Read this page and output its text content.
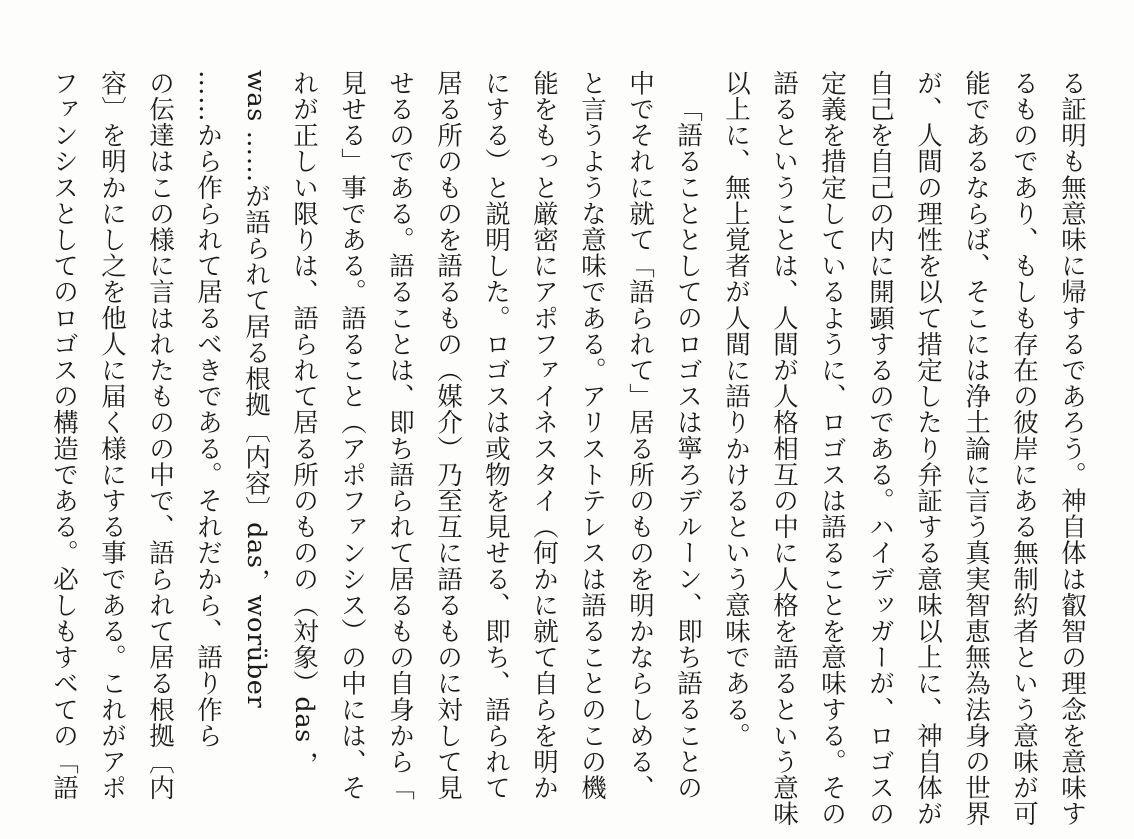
る証明も無意味に帰するであろう。神自体は叡智の理念を意味す
るものであり、もしも存在の彼岸にある無制約者という意味が可
能であるならば、そこには浄土論に言う真実智恵無為法身の世界
が、人間の理性を以て措定したり弁証する意味以上に、神自体が
自己を自己の内に開顕するのである。ハイデッガーが、ロゴスの
定義を措定しているように、ロゴスは語ることを意味する。その
語るということは、人間が人格相互の中に人格を語るという意味
以上に、無上覚者が人間に語りかけるという意味である。
「語ることとしてのロゴスは寧ろデルーン、即ち語ることの
中でそれに就て「語られて」居る所のものを明かならしめる、
と言うような意味である。アリストテレスは語ることのこの機
能をもっと厳密にアポファイネスタイ（何かに就て自らを明か
にする）と説明した。ロゴスは或物を見せる、即ち、語られて
居る所のものを語るもの（媒介）乃至互に語るものに対して見
せるのである。語ることは、即ち語られて居るもの自身から「
見せる」事である。語ること（アポファンシス）の中には、そ
れが正しい限りは、語られて居る所のものの（対象）das ，
was ……が語られて居る根拠〔内容〕das，worüber
……から作られて居るべきである。それだから、語り作ら
の伝達はこの様に言はれたものの中で、語られて居る根拠〔内
容〕を明かにし之を他人に届く様にする事である。これがアポ
ファンシスとしてのロゴスの構造である。必しもすべての「語
